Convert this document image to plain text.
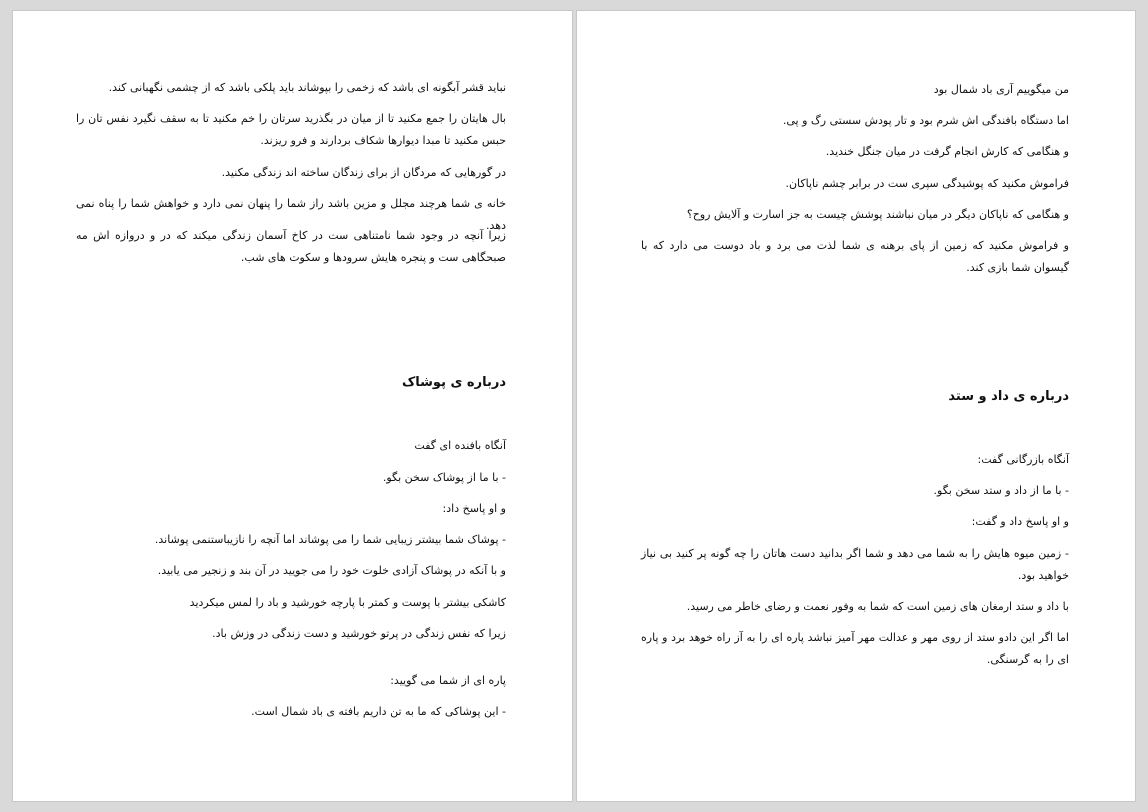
نباید قشر آبگونه ای باشد که زخمی را بپوشاند باید پلکی باشد که از چشمی نگهبانی کند.

بال هایتان را جمع مکنید تا از میان در بگذرید سرتان را خم مکنید تا به سقف نگیرد نفس تان را حبس مکنید تا مبدا دیوارها شکاف بردارند و فرو ریزند.

در گورهایی که مردگان از برای زندگان ساخته اند زندگی مکنید.

خانه ی شما هرچند مجلل و مزین باشد راز شما را پنهان نمی دارد و خواهش شما را پناه نمی دهد.

زیرا آنچه در وجود شما نامتناهی ست در کاخ آسمان زندگی میکند که در و دروازه اش مه صبحگاهی ست و پنجره هایش سرودها و سکوت های شب.

درباره ی پوشاک

آنگاه بافنده ای گفت

- با ما از پوشاک سخن بگو.

و او پاسخ داد:

- پوشاک شما بیشتر زیبایی شما را می پوشاند اما آنچه را نازیباستنمی پوشاند.

و با آنکه در پوشاک آزادی خلوت خود را می جویید در آن بند و زنجیر می یابید.

کاشکی بیشتر با پوست و کمتر با پارچه خورشید و باد را لمس میکردید

زیرا که نفس زندگی در پرتو خورشید و دست زندگی در وزش باد.

پاره ای از شما می گویید:

- این پوشاکی که ما به تن داریم بافته ی باد شمال است.

من میگوییم آری باد شمال بود

اما دستگاه بافندگی اش شرم بود و تار پودش سستی رگ و پی.

و هنگامی که کارش انجام گرفت در میان جنگل خندید.

فراموش مکنید که پوشیدگی سپری ست در برابر چشم ناپاکان.

و هنگامی که ناپاکان دیگر در میان نباشند پوشش چیست به جز اسارت و آلایش روح؟

و فراموش مکنید که زمین از پای برهنه ی شما لذت می برد و باد دوست می دارد که با گیسوان شما بازی کند.

درباره ی داد و ستد

آنگاه بازرگانی گفت:

- با ما از داد و ستد سخن بگو.

و او پاسخ داد و گفت:

- زمین میوه هایش را به شما می دهد و شما اگر بدانید دست هاتان را چه گونه پر کنید بی نیاز خواهید بود.

با داد و ستد ارمغان های زمین است که شما به وفور نعمت و رضای خاطر می رسید.

اما اگر این دادو ستد از روی مهر و عدالت مهر آمیز نباشد پاره ای را به آز راه خوهد برد و پاره ای را به گرسنگی.
